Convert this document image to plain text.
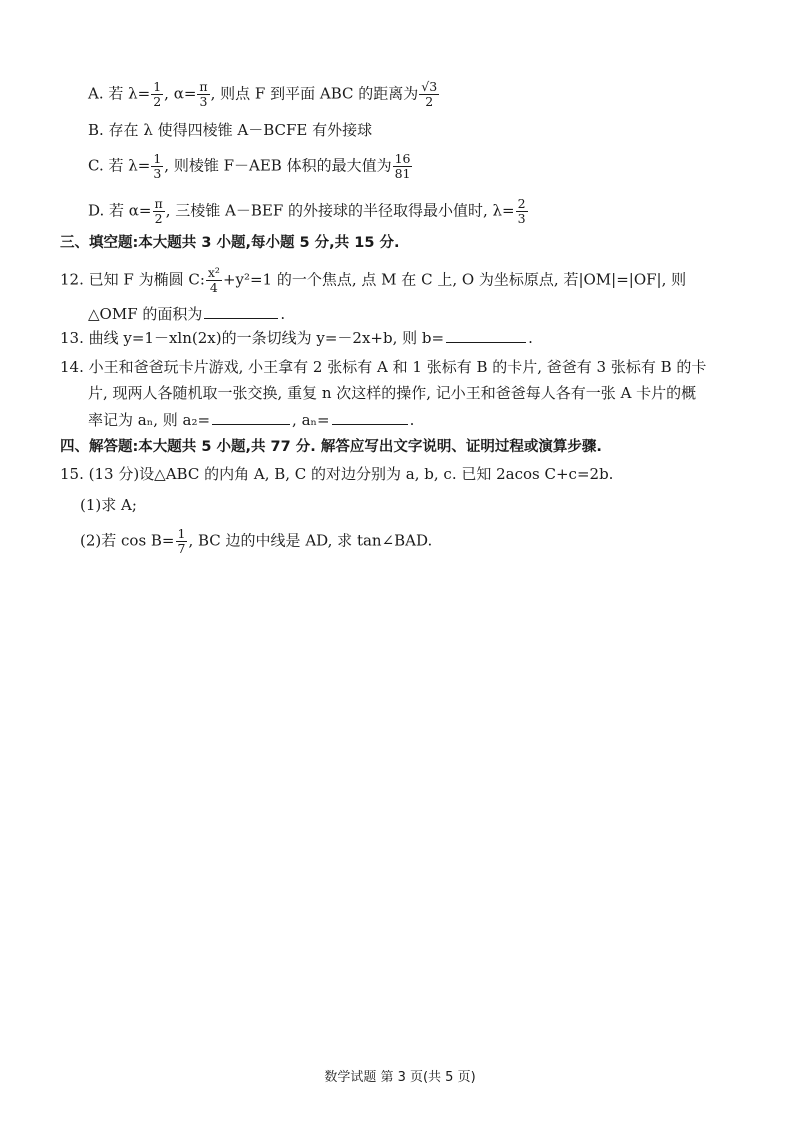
A. 若 $\lambda= \frac{1}{2}$ , $\alpha= \frac{\pi}{3}$ , 则点 F 到平面 ABC 的距离为 $\frac{√3}{2}$
B. 存在 λ 使得四棱锥 A－BCFE 有外接球
C. 若 $\lambda= \frac{1}{3}$ , 则棱锥 F－AEB 体积的最大值为 $\frac{16}{81}$
D. 若 $\alpha= \frac{\pi}{2}$ , 三棱锥 A－BEF 的外接球的半径取得最小值时, $\lambda= \frac{2}{3}$
三、填空题:本大题共 3 小题,每小题 5 分,共 15 分.
12. 已知 F 为椭圆 C: $\frac{\text{x²}}{4} +y^2=1$ 的一个焦点, 点 M 在 C 上, O 为坐标原点, 若|OM|=|OF|, 则
△OMF 的面积为	.
13. 曲线 y=1－xln(2x)的一条切线为 y=－2x+b, 则 b=	.
14. 小王和爸爸玩卡片游戏, 小王拿有 2 张标有 A 和 1 张标有 B 的卡片, 爸爸有 3 张标有 B 的卡
片, 现两人各随机取一张交换, 重复 n 次这样的操作, 记小王和爸爸每人各有一张 A 卡片的概
率记为 aₙ, 则 a₂=	, aₙ=	.
四、解答题:本大题共 5 小题,共 77 分. 解答应写出文字说明、证明过程或演算步骤.
15. (13 分)设△ABC 的内角 A, B, C 的对边分别为 a, b, c. 已知 2acos C+c=2b.
(1)求 A;
(2)若 $\cos B= \frac{1}{7}$ , BC 边的中线是 AD, 求 tan∠BAD.
数学试题 第 3 页(共 5 页)
